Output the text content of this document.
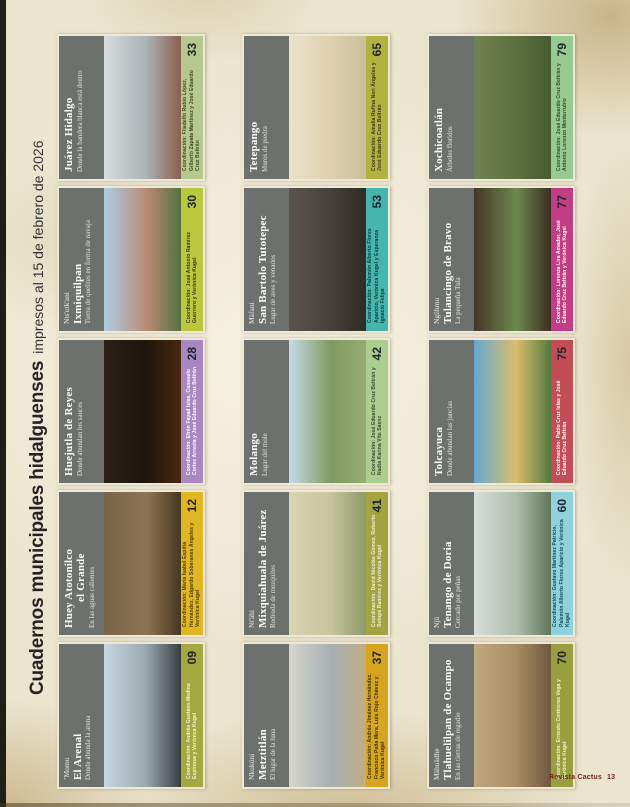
Cuadernos municipales hidalguenses
impresos al 15 de febrero de 2026
ʼMomu El Arenal Donde abunda la arena	Coordinación: Andrés Gustavo Medina Espinosa y Verónica Kugel
09
Huey Atotonilco el Grande En las aguas calientes	Coordinación: María Isabel Espitia Hernández, Edgardo Soberanes Ángeles y Verónica Kugel
12
Huejutla de Reyes Donde abundan los sauces	Coordinación: Efrén Fayad Islas, Consuelo Cortez Arreola y José Eduardo Cruz Beltrán
28
Nts'utk'ani Ixmiquilpan Tierra de quelites en forma de navaja	Coordinación: José Antonio Ramírez Guerrero y Verónica Kugel
30
Juárez Hidalgo Donde la bandera blanca está dentro	Coordinación: Filadelfo Rubio López, Gilberto Zapata Martínez y José Eduardo Cruz Beltrán
33
Nkukúni Metztitlán El lugar de la luna	Coordinación: Andrés Jiménez Hernández, Francisco Peña Mera, Luis Rojo Chávez y Verónica Kugel
37
Nt'ähi Mixquiahuala de Juárez Rodeada de mezquites	Coordinación: David Nicolás Gómez, Roberto Setopé Ramírez y Verónica Kugel
41
Molango Lugar del mole	Coordinación: José Eduardo Cruz Beltrán y Nadia Karina Vite Sáenz
42
Mäfani San Bartolo Tutotepec Lugar de aves y venados	Coordinación: Palemón Alberto Flores Aparicio, Verónica Kugel y Esperanza Ignacio Felipe
53
Tetepango Muros de piedra	Coordinación: Amalia Rufina Neri Ángeles y José Eduardo Cruz Beltrán
65
Mähuädhe Tlahuelilpan de Ocampo En las tierras de regadío	Coordinación: Ernesto Contreras Vega y Verónica Kugel
70
Njü Tenango de Doria Cercado por peñas	Coordinación: Gustavo Martínez Patricio, Palemón Alberto Flores Aparicio y Verónica Kugel
60
Tolcayuca Donde abundan las juncias	Coordinación: Pablo Cruz Islas y José Eduardo Cruz Beltrán
75
Ngühmu Tulancingo de Bravo La pequeña Tula	Coordinación: Lorenza Lira Amador, José Eduardo Cruz Beltrán y Verónica Kugel
77
Xochicoatlán Árboles floridos	Coordinación: José Eduardo Cruz Beltrán y Antonio Lorenzo Monterrubio
79
Revista Cactus 13
